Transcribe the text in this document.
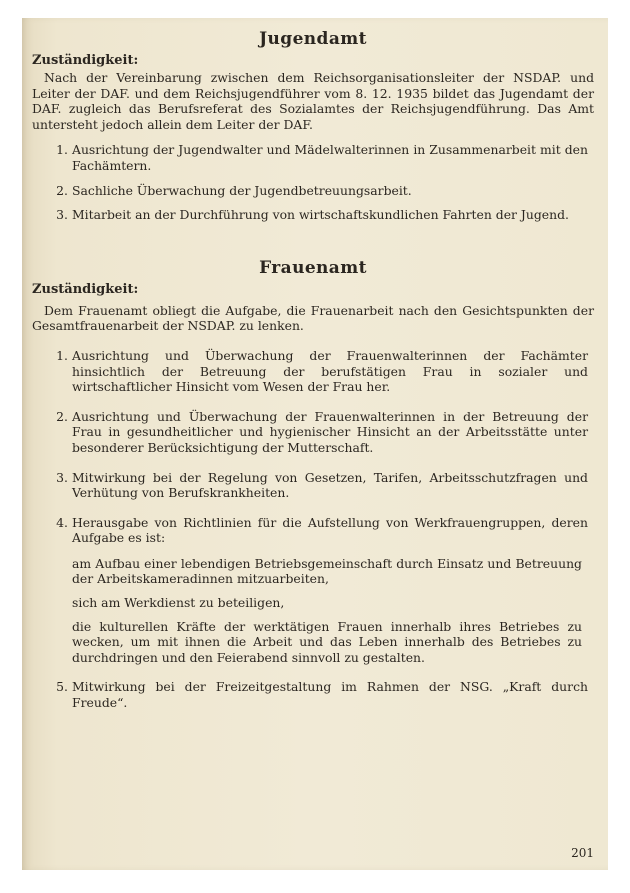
Jugendamt

Zuständigkeit:

Nach der Vereinbarung zwischen dem Reichsorganisationsleiter der NSDAP. und Leiter der DAF. und dem Reichsjugendführer vom 8. 12. 1935 bildet das Jugendamt der DAF. zugleich das Berufsreferat des Sozialamtes der Reichsjugendführung. Das Amt untersteht jedoch allein dem Leiter der DAF.

1. Ausrichtung der Jugendwalter und Mädelwalterinnen in Zusammenarbeit mit den Fachämtern.
2. Sachliche Überwachung der Jugendbetreuungsarbeit.
3. Mitarbeit an der Durchführung von wirtschaftskundlichen Fahrten der Jugend.
Frauenamt

Zuständigkeit:

Dem Frauenamt obliegt die Aufgabe, die Frauenarbeit nach den Gesichtspunkten der Gesamtfrauenarbeit der NSDAP. zu lenken.

1. Ausrichtung und Überwachung der Frauenwalterinnen der Fachämter hinsichtlich der Betreuung der berufstätigen Frau in sozialer und wirtschaftlicher Hinsicht vom Wesen der Frau her.
2. Ausrichtung und Überwachung der Frauenwalterinnen in der Betreuung der Frau in gesundheitlicher und hygienischer Hinsicht an der Arbeitsstätte unter besonderer Berücksichtigung der Mutterschaft.
3. Mitwirkung bei der Regelung von Gesetzen, Tarifen, Arbeitsschutzfragen und Verhütung von Berufskrankheiten.
4. Herausgabe von Richtlinien für die Aufstellung von Werkfrauengruppen, deren Aufgabe es ist:

am Aufbau einer lebendigen Betriebsgemeinschaft durch Einsatz und Betreuung der Arbeitskameradinnen mitzuarbeiten,

sich am Werkdienst zu beteiligen,

die kulturellen Kräfte der werktätigen Frauen innerhalb ihres Betriebes zu wecken, um mit ihnen die Arbeit und das Leben innerhalb des Betriebes zu durchdringen und den Feierabend sinnvoll zu gestalten.

5. Mitwirkung bei der Freizeitgestaltung im Rahmen der NSG. „Kraft durch Freude“.
201
